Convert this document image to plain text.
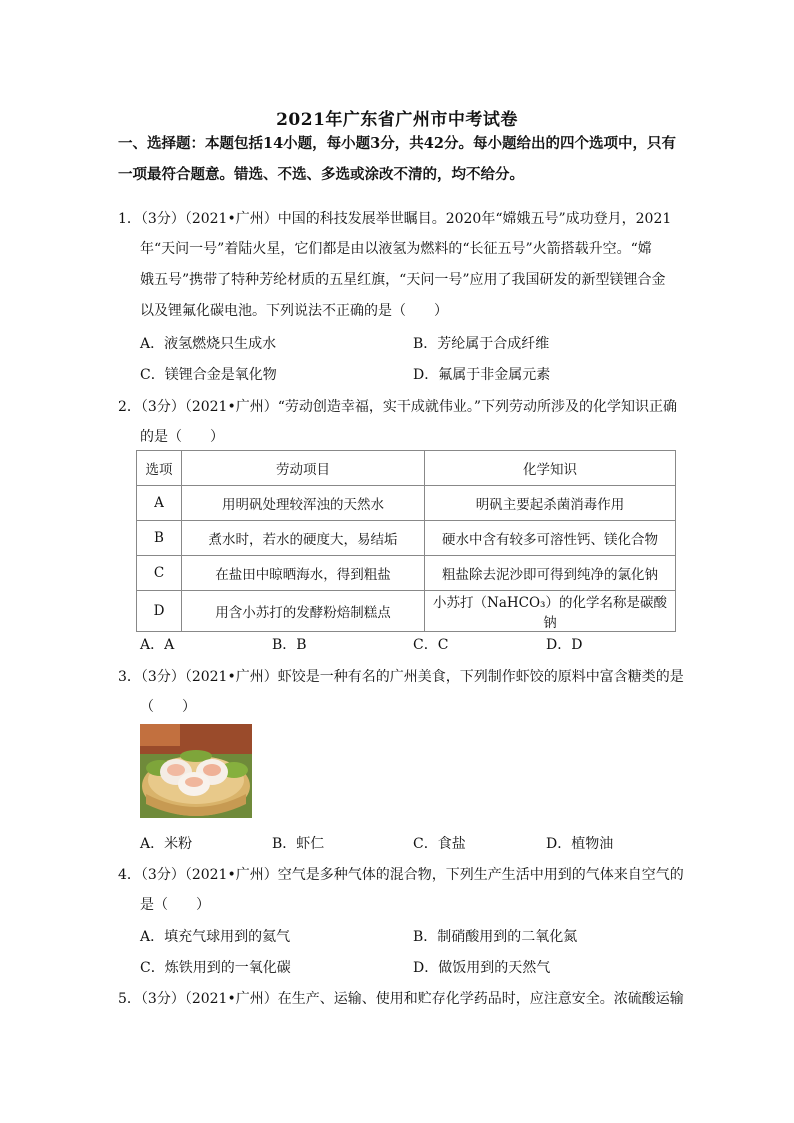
2021年广东省广州市中考试卷
一、选择题：本题包括14小题，每小题3分，共42分。每小题给出的四个选项中，只有
一项最符合题意。错选、不选、多选或涂改不清的，均不给分。
1．（3分）（2021•广州）中国的科技发展举世瞩目。2020年“嫦娥五号”成功登月，2021
年“天问一号”着陆火星，它们都是由以液氢为燃料的“长征五号”火箭搭载升空。“嫦
娥五号”携带了特种芳纶材质的五星红旗，“天问一号”应用了我国研发的新型镁锂合金
以及锂氟化碳电池。下列说法不正确的是（　　）
A．液氢燃烧只生成水	B．芳纶属于合成纤维
C．镁锂合金是氧化物	D．氟属于非金属元素
2．（3分）（2021•广州）“劳动创造幸福，实干成就伟业。”下列劳动所涉及的化学知识正确
的是（　　）
选项	劳动项目	化学知识
A	用明矾处理较浑浊的天然水	明矾主要起杀菌消毒作用
B	煮水时，若水的硬度大，易结垢	硬水中含有较多可溶性钙、镁化合物
C	在盐田中晾晒海水，得到粗盐	粗盐除去泥沙即可得到纯净的氯化钠
D	用含小苏打的发酵粉焙制糕点	小苏打（NaHCO₃）的化学名称是碳酸钠
A．A	B．B	C．C	D．D
3．（3分）（2021•广州）虾饺是一种有名的广州美食，下列制作虾饺的原料中富含糖类的是
（　　）
A．米粉	B．虾仁	C．食盐	D．植物油
4．（3分）（2021•广州）空气是多种气体的混合物，下列生产生活中用到的气体来自空气的
是（　　）
A．填充气球用到的氦气	B．制硝酸用到的二氧化氮
C．炼铁用到的一氧化碳	D．做饭用到的天然气
5．（3分）（2021•广州）在生产、运输、使用和贮存化学药品时，应注意安全。浓硫酸运输
